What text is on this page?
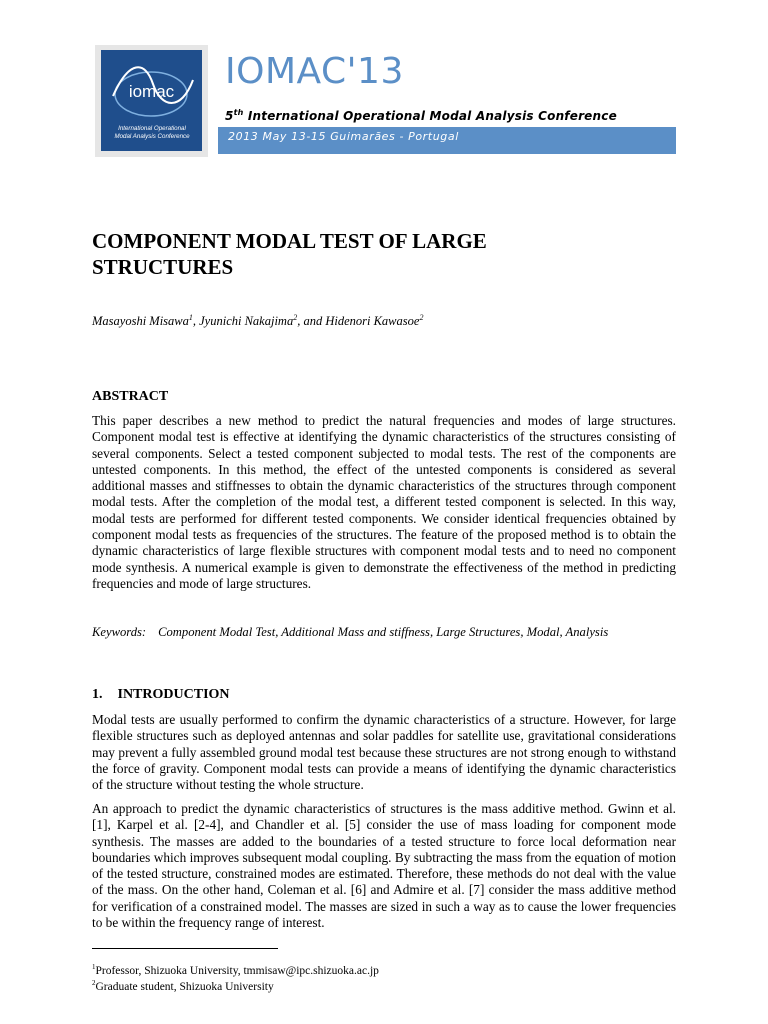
iomac
International Operational
Modal Analysis Conference
IOMAC'13
5th International Operational Modal Analysis Conference
2013 May 13-15 Guimarães - Portugal
COMPONENT MODAL TEST OF LARGE
STRUCTURES
Masayoshi Misawa$^1$, Jyunichi Nakajima$^2$, and Hidenori Kawasoe$^2$
ABSTRACT
This paper describes a new method to predict the natural frequencies and modes of large structures. Component modal test is effective at identifying the dynamic characteristics of the structures consisting of several components. Select a tested component subjected to modal tests. The rest of the components are untested components. In this method, the effect of the untested components is considered as several additional masses and stiffnesses to obtain the dynamic characteristics of the structures through component modal tests. After the completion of the modal test, a different tested component is selected. In this way, modal tests are performed for different tested components. We consider identical frequencies obtained by component modal tests as frequencies of the structures. The feature of the proposed method is to obtain the dynamic characteristics of large flexible structures with component modal tests and to need no component mode synthesis. A numerical example is given to demonstrate the effectiveness of the method in predicting frequencies and mode of large structures.
Keywords: Component Modal Test, Additional Mass and stiffness, Large Structures, Modal, Analysis
1. INTRODUCTION
Modal tests are usually performed to confirm the dynamic characteristics of a structure. However, for large flexible structures such as deployed antennas and solar paddles for satellite use, gravitational considerations may prevent a fully assembled ground modal test because these structures are not strong enough to withstand the force of gravity. Component modal tests can provide a means of identifying the dynamic characteristics of the structure without testing the whole structure.
An approach to predict the dynamic characteristics of structures is the mass additive method. Gwinn et al. [1], Karpel et al. [2-4], and Chandler et al. [5] consider the use of mass loading for component mode synthesis. The masses are added to the boundaries of a tested structure to force local deformation near boundaries which improves subsequent modal coupling. By subtracting the mass from the equation of motion of the tested structure, constrained modes are estimated. Therefore, these methods do not deal with the value of the mass. On the other hand, Coleman et al. [6] and Admire et al. [7] consider the mass additive method for verification of a constrained model. The masses are sized in such a way as to cause the lower frequencies to be within the frequency range of interest.
$^1$Professor, Shizuoka University, tmmisaw@ipc.shizuoka.ac.jp
$^2$Graduate student, Shizuoka University
